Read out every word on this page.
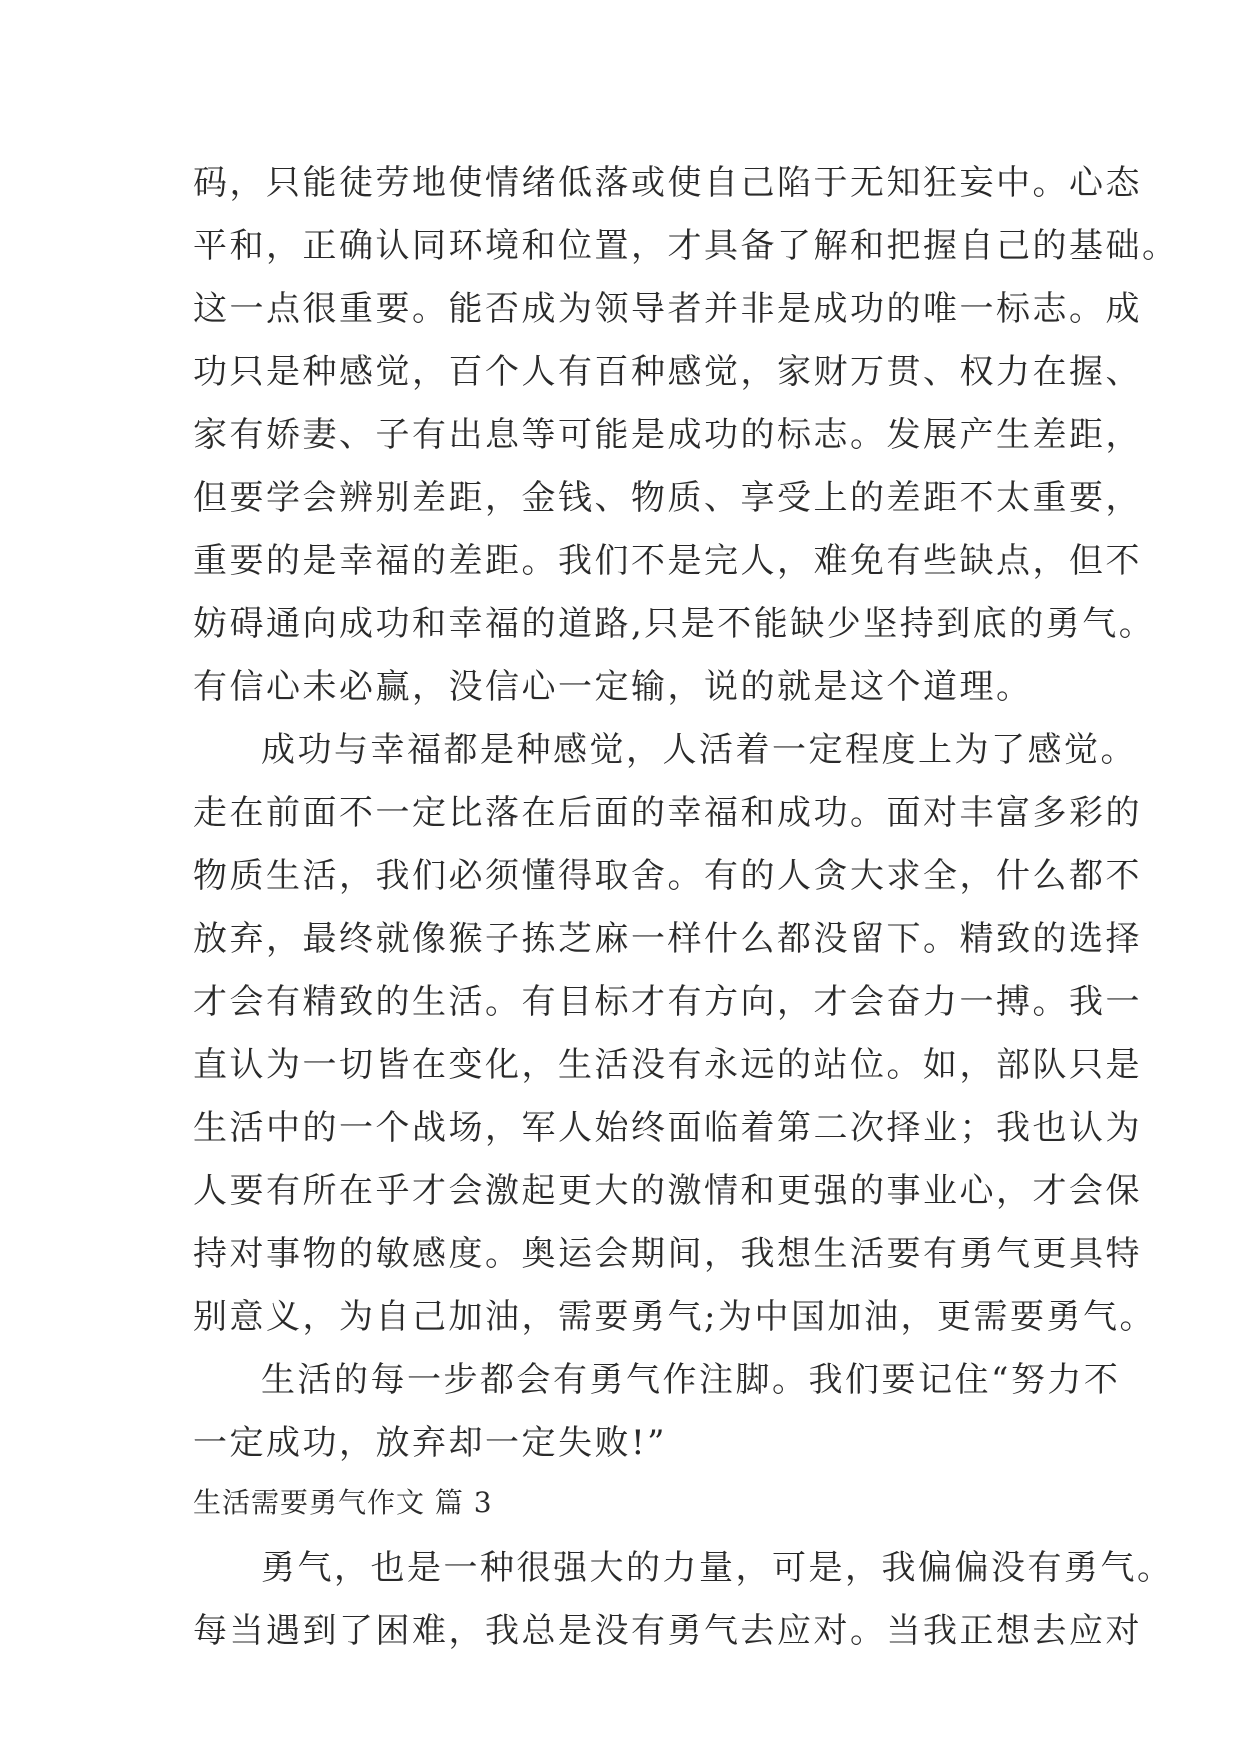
码，只能徒劳地使情绪低落或使自己陷于无知狂妄中。心态
平和，正确认同环境和位置，才具备了解和把握自己的基础。
这一点很重要。能否成为领导者并非是成功的唯一标志。成
功只是种感觉，百个人有百种感觉，家财万贯、权力在握、
家有娇妻、子有出息等可能是成功的标志。发展产生差距，
但要学会辨别差距，金钱、物质、享受上的差距不太重要，
重要的是幸福的差距。我们不是完人，难免有些缺点，但不
妨碍通向成功和幸福的道路,只是不能缺少坚持到底的勇气。
有信心未必赢，没信心一定输，说的就是这个道理。
成功与幸福都是种感觉，人活着一定程度上为了感觉。
走在前面不一定比落在后面的幸福和成功。面对丰富多彩的
物质生活，我们必须懂得取舍。有的人贪大求全，什么都不
放弃，最终就像猴子拣芝麻一样什么都没留下。精致的选择
才会有精致的生活。有目标才有方向，才会奋力一搏。我一
直认为一切皆在变化，生活没有永远的站位。如，部队只是
生活中的一个战场，军人始终面临着第二次择业；我也认为
人要有所在乎才会激起更大的激情和更强的事业心，才会保
持对事物的敏感度。奥运会期间，我想生活要有勇气更具特
别意义，为自己加油，需要勇气;为中国加油，更需要勇气。
生活的每一步都会有勇气作注脚。我们要记住“努力不
一定成功，放弃却一定失败!”
生活需要勇气作文 篇 3
勇气，也是一种很强大的力量，可是，我偏偏没有勇气。
每当遇到了困难，我总是没有勇气去应对。当我正想去应对
